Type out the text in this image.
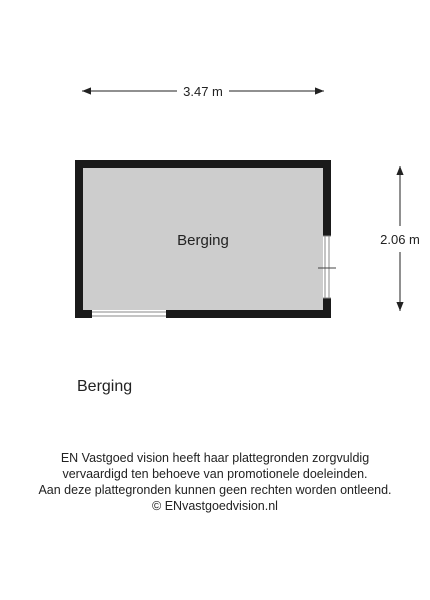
3.47 m
2.06 m
Berging
Berging
EN Vastgoed vision heeft haar plattegronden zorgvuldig
vervaardigd ten behoeve van promotionele doeleinden.
Aan deze plattegronden kunnen geen rechten worden ontleend.
© ENvastgoedvision.nl
